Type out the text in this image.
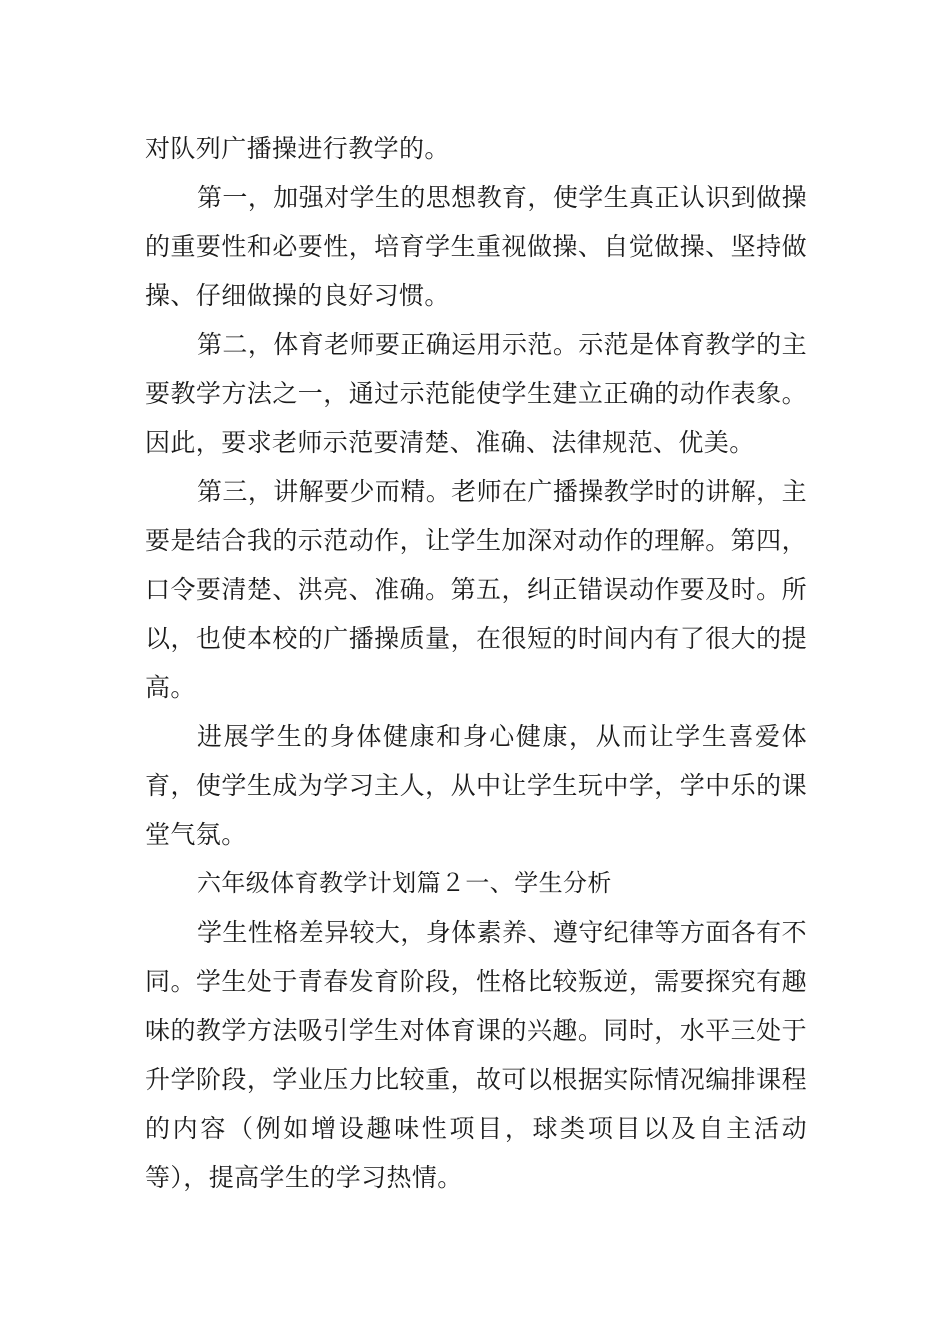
对队列广播操进行教学的。

第一，加强对学生的思想教育，使学生真正认识到做操的重要性和必要性，培育学生重视做操、自觉做操、坚持做操、仔细做操的良好习惯。

第二，体育老师要正确运用示范。示范是体育教学的主要教学方法之一，通过示范能使学生建立正确的动作表象。因此，要求老师示范要清楚、准确、法律规范、优美。

第三，讲解要少而精。老师在广播操教学时的讲解，主要是结合我的示范动作，让学生加深对动作的理解。第四，口令要清楚、洪亮、准确。第五，纠正错误动作要及时。所以，也使本校的广播操质量，在很短的时间内有了很大的提高。

进展学生的身体健康和身心健康，从而让学生喜爱体育，使学生成为学习主人，从中让学生玩中学，学中乐的课堂气氛。

六年级体育教学计划篇２一、学生分析

学生性格差异较大，身体素养、遵守纪律等方面各有不同。学生处于青春发育阶段，性格比较叛逆，需要探究有趣味的教学方法吸引学生对体育课的兴趣。同时，水平三处于升学阶段，学业压力比较重，故可以根据实际情况编排课程的内容（例如增设趣味性项目，球类项目以及自主活动等），提高学生的学习热情。
